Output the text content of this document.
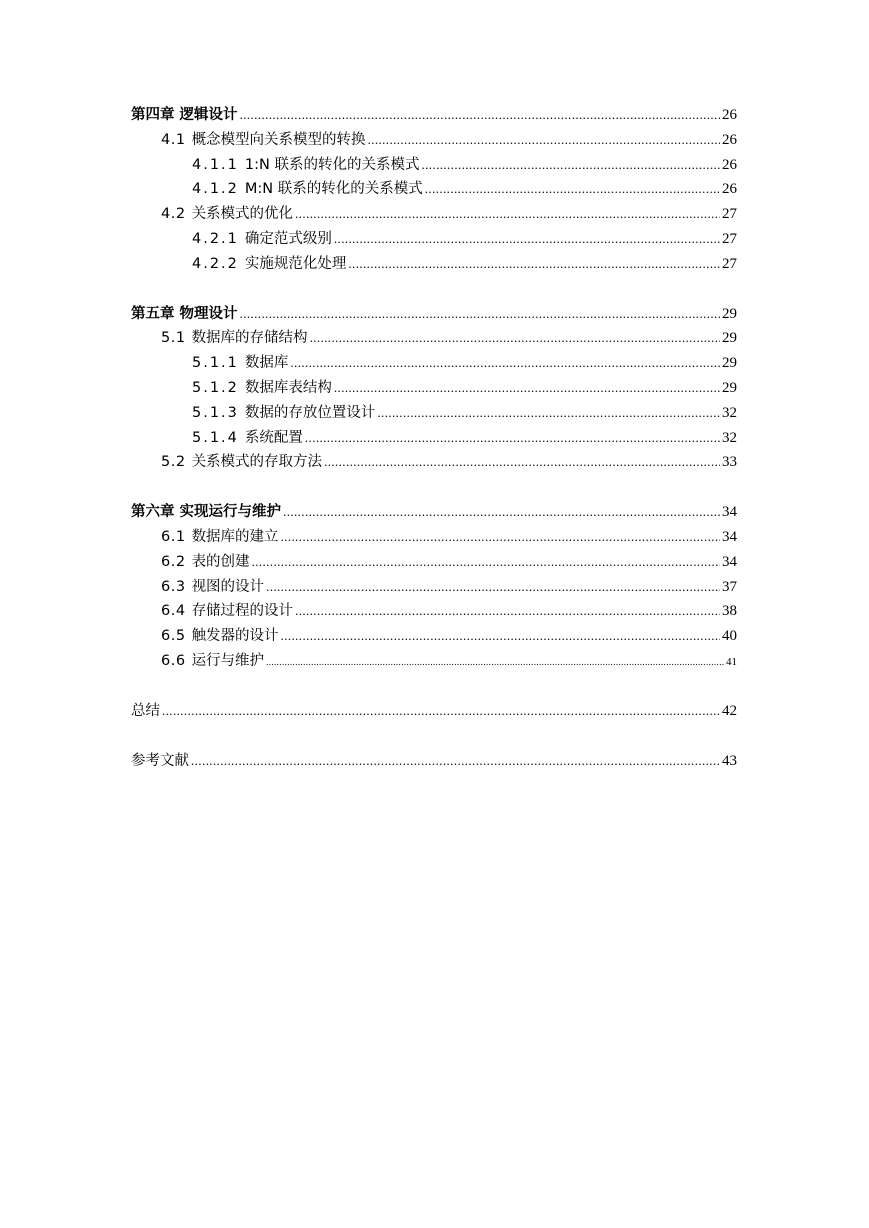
第四章 逻辑设计 .....	26
4.1 概念模型向关系模型的转换 .....	26
4.1.1 1:N 联系的转化的关系模式 .....	26
4.1.2 M:N 联系的转化的关系模式 .....	26
4.2 关系模式的优化 .....	27
4.2.1 确定范式级别 .....	27
4.2.2 实施规范化处理 .....	27
第五章 物理设计 .....	29
5.1 数据库的存储结构 .....	29
5.1.1 数据库 .....	29
5.1.2 数据库表结构 .....	29
5.1.3 数据的存放位置设计 .....	32
5.1.4 系统配置 .....	32
5.2 关系模式的存取方法 .....	33
第六章 实现运行与维护 .....	34
6.1 数据库的建立 .....	34
6.2 表的创建 .....	34
6.3 视图的设计 .....	37
6.4 存储过程的设计 .....	38
6.5 触发器的设计 .....	40
6.6 运行与维护 .....	41
总结 .....	42
参考文献 .....	43
